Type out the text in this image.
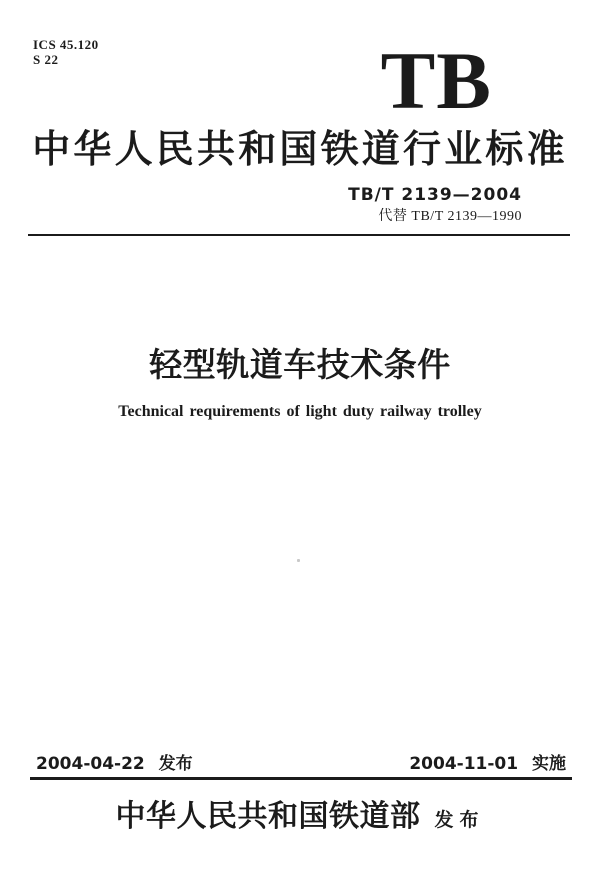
ICS 45.120
S 22	TB
中华人民共和国铁道行业标准
TB/T 2139—2004
代替 TB/T 2139—1990
轻型轨道车技术条件
Technical requirements of light duty railway trolley
2004-04-22 发布	2004-11-01 实施
中华人民共和国铁道部 发布
